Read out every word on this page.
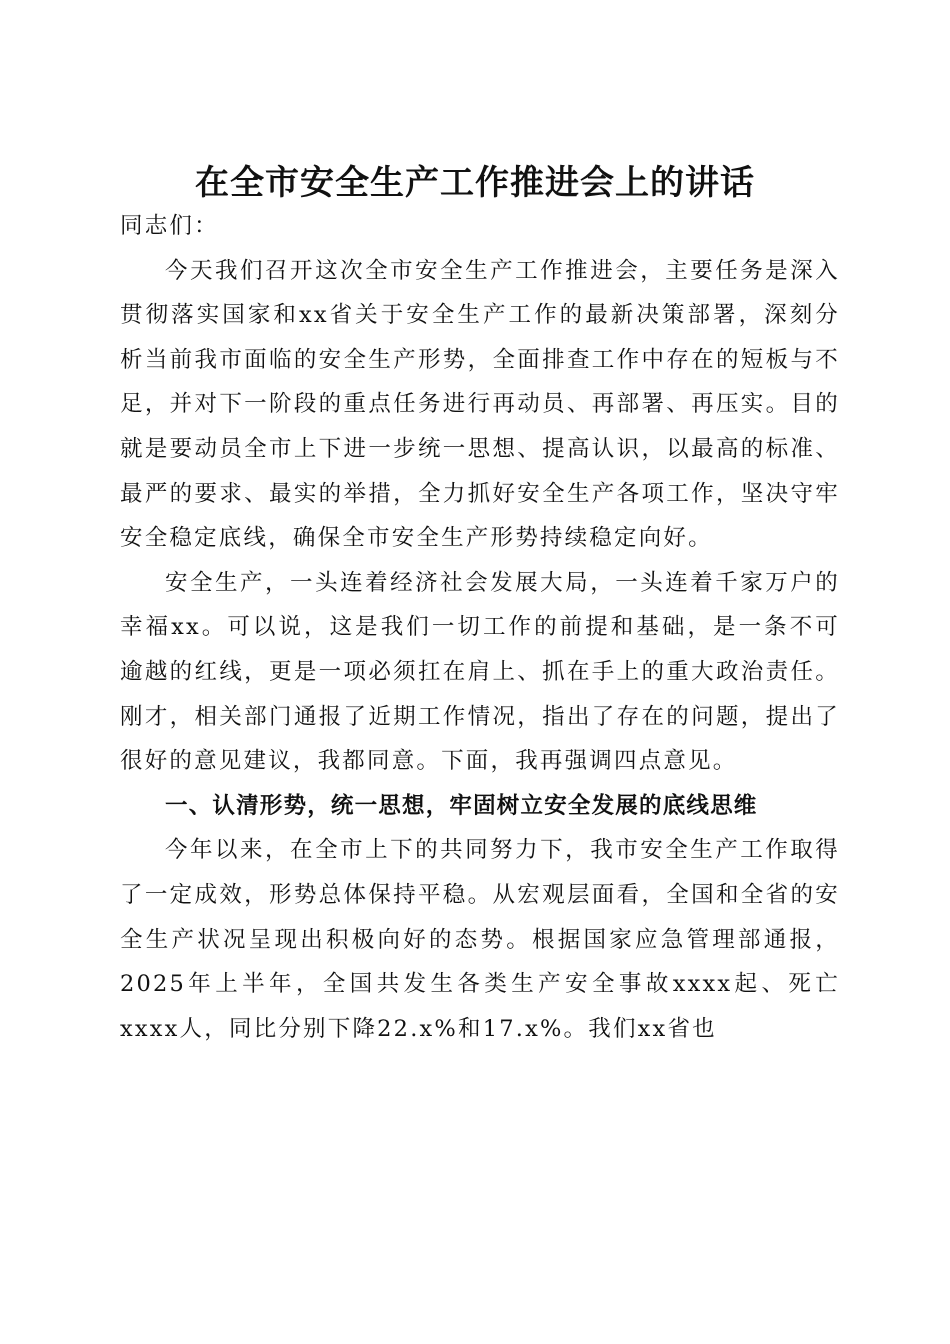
在全市安全生产工作推进会上的讲话

同志们：

今天我们召开这次全市安全生产工作推进会，主要任务是深入贯彻落实国家和xx省关于安全生产工作的最新决策部署，深刻分析当前我市面临的安全生产形势，全面排查工作中存在的短板与不足，并对下一阶段的重点任务进行再动员、再部署、再压实。目的就是要动员全市上下进一步统一思想、提高认识，以最高的标准、最严的要求、最实的举措，全力抓好安全生产各项工作，坚决守牢安全稳定底线，确保全市安全生产形势持续稳定向好。

安全生产，一头连着经济社会发展大局，一头连着千家万户的幸福xx。可以说，这是我们一切工作的前提和基础，是一条不可逾越的红线，更是一项必须扛在肩上、抓在手上的重大政治责任。刚才，相关部门通报了近期工作情况，指出了存在的问题，提出了很好的意见建议，我都同意。下面，我再强调四点意见。

一、认清形势，统一思想，牢固树立安全发展的底线思维

今年以来，在全市上下的共同努力下，我市安全生产工作取得了一定成效，形势总体保持平稳。从宏观层面看，全国和全省的安全生产状况呈现出积极向好的态势。根据国家应急管理部通报，2025年上半年，全国共发生各类生产安全事故xxxx起、死亡xxxx人，同比分别下降22.x%和17.x%。我们xx省也
